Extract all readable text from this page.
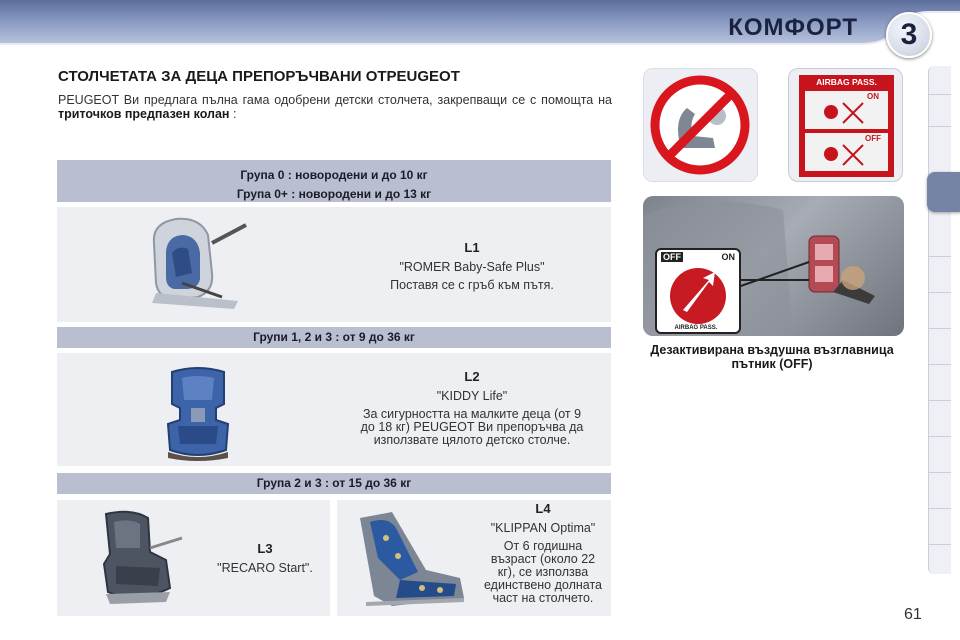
КОМФОРТ	3
СТОЛЧЕТАТА ЗА ДЕЦА ПРЕПОРЪЧВАНИ ОТPEUGEOT
PEUGEOT Ви предлага пълна гама одобрени детски столчета, закрепващи се с помощта на триточков предпазен колан :
Група 0 : новородени и до 10 кг
Група 0+ : новородени и до 13 кг
L1
"ROMER Baby-Safe Plus"
Поставя се с гръб към пътя.
Групи 1, 2 и 3 : от 9 до 36 кг
L2
"KIDDY Life"
За сигурността на малките деца (от 9 до 18 кг) PEUGEOT Ви препоръчва да използвате цялото детско столче.
Група 2 и 3 : от 15 до 36 кг
L3
"RECARO Start".
L4
"KLIPPAN Optima"
От 6 годишна възраст (около 22 кг), се използва единствено долната част на столчето.
AIRBAG PASS.
ON
OFF
OFF	ON
AIRBAG PASS.
Дезактивирана въздушна възглавница пътник (OFF)
61
